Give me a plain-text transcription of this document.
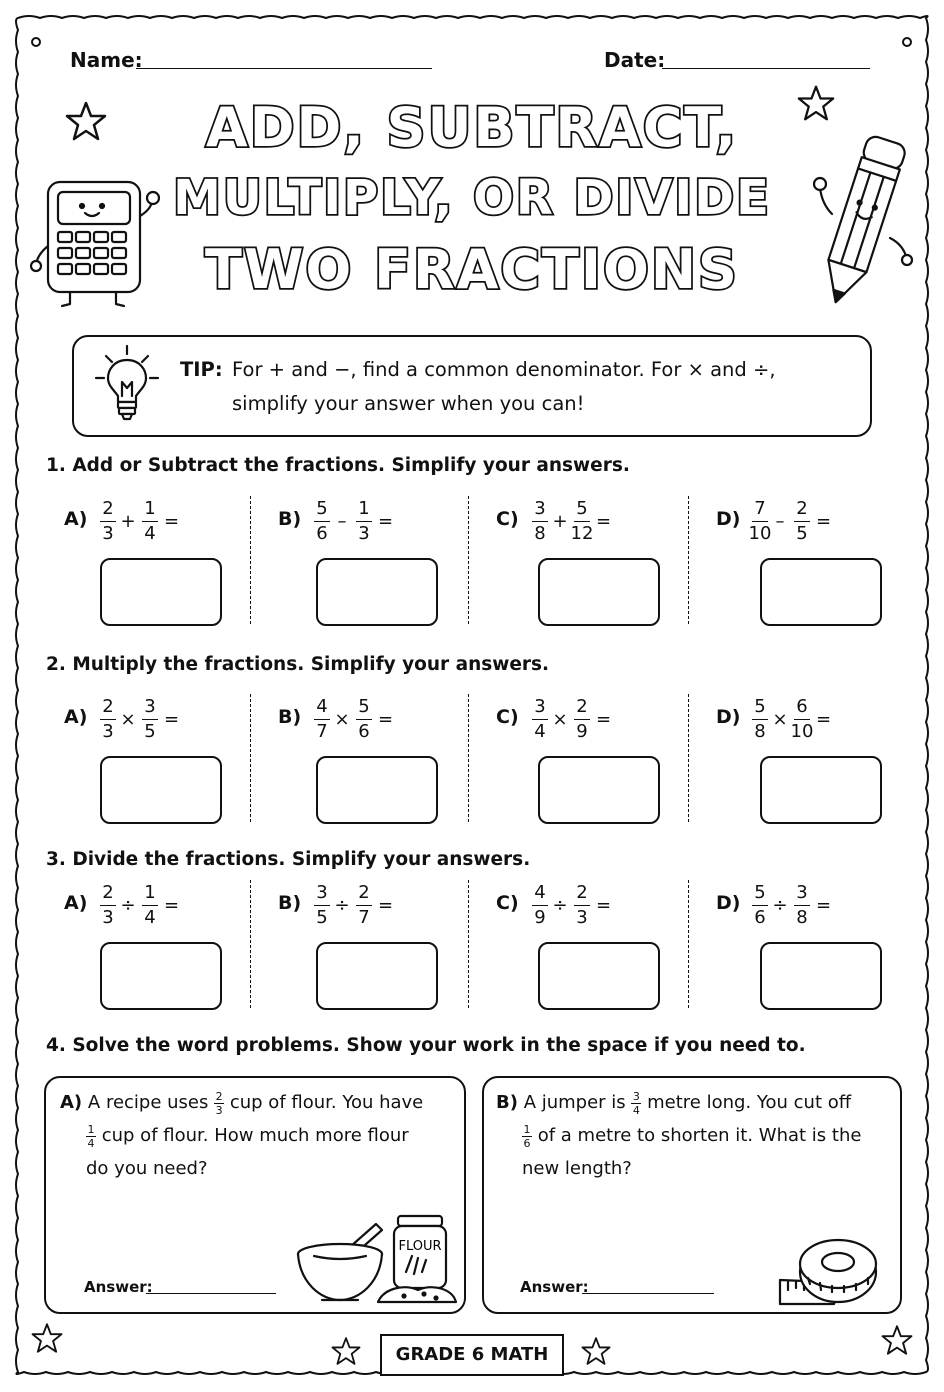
Name:	Date:
ADD, SUBTRACT,
MULTIPLY, OR DIVIDE
TWO FRACTIONS
TIP: For + and −, find a common denominator. For × and ÷,
simplify your answer when you can!
1. Add or Subtract the fractions. Simplify your answers.
2. Multiply the fractions. Simplify your answers.
3. Divide the fractions. Simplify your answers.
A) 2
3
+
1
4
=	B) 5
6
–
1
3
=	C) 3
8
+
5
12
=	D) 7
10
–
2
5
=
A) 2
3
×
3
5
=	B) 4
7
×
5
6
=	C) 3
4
×
2
9
=	D) 5
8
×
6
10
=
A) 2
3
÷
1
4
=	B) 3
5
÷
2
7
=	C) 4
9
÷
2
3
=	D) 5
6
÷
3
8
=
4. Solve the word problems. Show your work in the space if you need to.
A) A recipe uses $\frac{2}{3}$ cup of flour. You have
$\frac{1}{4}$ cup of flour. How much more flour
do you need?
Answer:
FLOUR
B) A jumper is $\frac{3}{4}$ metre long. You cut off
$\frac{1}{6}$ of a metre to shorten it. What is the
new length?
Answer:
GRADE 6 MATH
